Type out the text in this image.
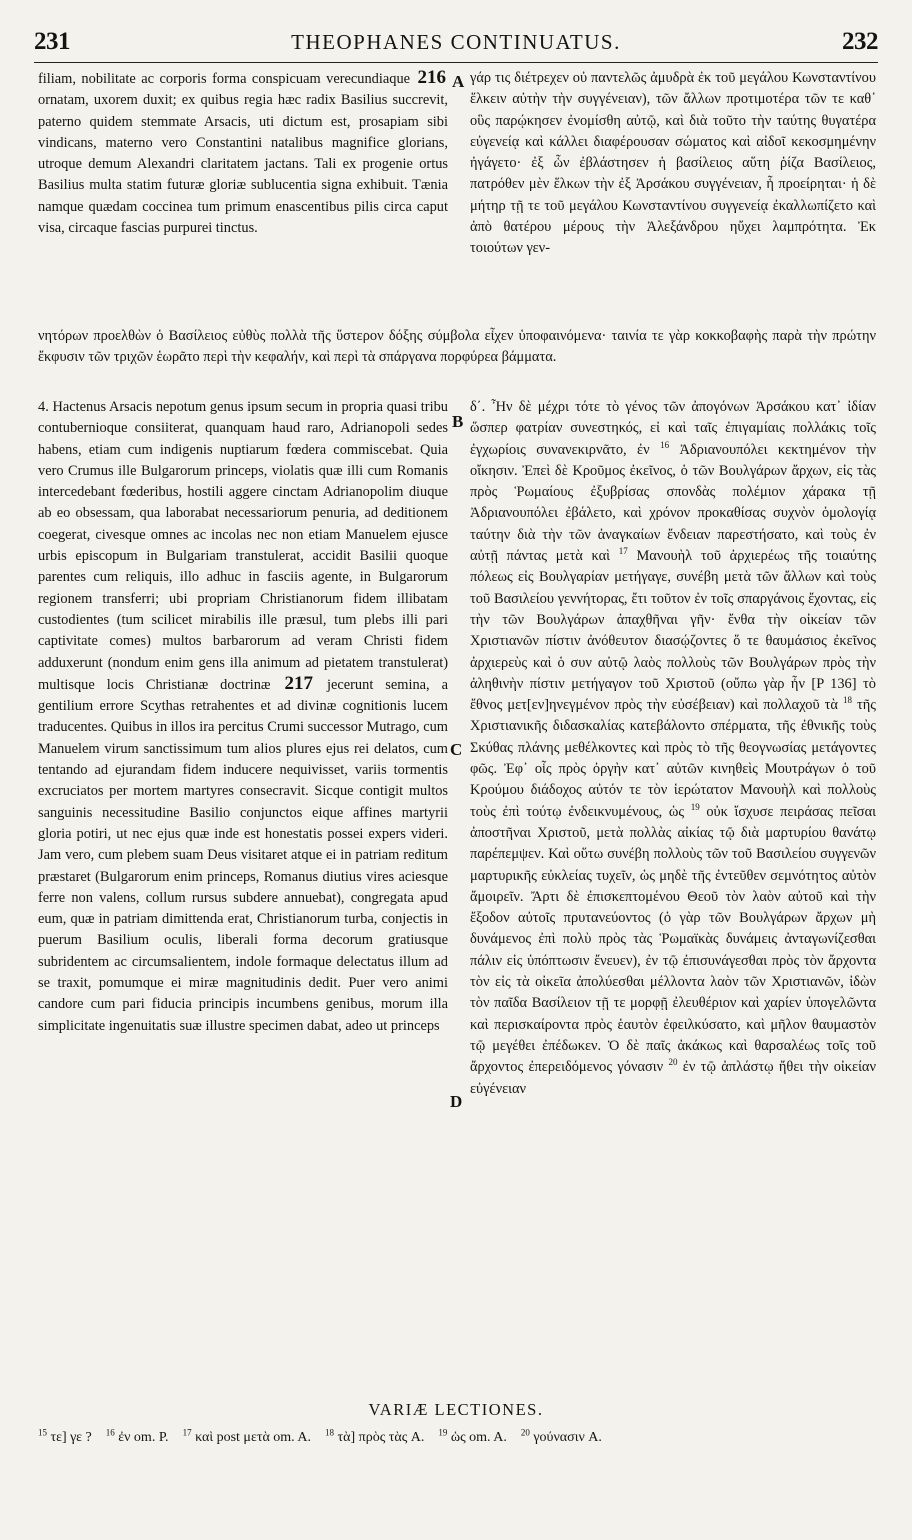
231	THEOPHANES CONTINUATUS.	232
A
B
C
D

filiam, nobilitate ac corporis forma conspicuam verecundiaque 216 ornatam, uxorem duxit; ex quibus regia hæc radix Basilius succrevit, paterno quidem stemmate Arsacis, uti dictum est, prosapiam sibi vindicans, materno vero Constantini natalibus magnifice glorians, utroque demum Alexandri claritatem jactans. Tali ex progenie ortus Basilius multa statim futuræ gloriæ sublucentia signa exhibuit. Tænia namque quædam coccinea tum primum enascentibus pilis circa caput visa, circaque fascias purpurei tinctus.

γάρ τις διέτρεχεν οὐ παντελῶς ἀμυδρὰ ἐκ τοῦ μεγάλου Κωνσταντίνου ἕλκειν αὐτὴν τὴν συγγένειαν), τῶν ἄλλων προτιμοτέρα τῶν τε καθ᾽ οὓς παρῴκησεν ἐνομίσθη αὐτῷ, καὶ διὰ τοῦτο τὴν ταύτης θυγατέρα εὐγενείᾳ καὶ κάλλει διαφέρουσαν σώματος καὶ αἰδοῖ κεκοσμημένην ἠγάγετο· ἐξ ὧν ἐβλάστησεν ἡ βασίλειος αὕτη ῥίζα Βασίλειος, πατρόθεν μὲν ἕλκων τὴν ἐξ Ἀρσάκου συγγένειαν, ἧ προείρηται· ἡ δὲ μήτηρ τῇ τε τοῦ μεγάλου Κωνσταντίνου συγγενείᾳ ἐκαλλωπίζετο καὶ ἀπὸ θατέρου μέρους τὴν Ἀλεξάνδρου ηὔχει λαμπρότητα. Ἐκ τοιούτων γεν-

νητόρων προελθὼν ὁ Βασίλειος εὐθὺς πολλὰ τῆς ὕστερον δόξης σύμβολα εἶχεν ὑποφαινόμενα· ταινία τε γὰρ κοκκοβαφὴς παρὰ τὴν πρώτην ἔκφυσιν τῶν τριχῶν ἑωρᾶτο περὶ τὴν κεφαλήν, καὶ περὶ τὰ σπάργανα πορφύρεα βάμματα.

4. Hactenus Arsacis nepotum genus ipsum secum in propria quasi tribu contuberniοque consiiterat, quanquam haud raro, Adrianopoli sedes habens, etiam cum indigenis nuptiarum fœdera commiscebat. Quia vero Crumus ille Bulgarorum princeps, violatis quæ illi cum Romanis intercedebant fœderibus, hostili aggere cinctam Adrianopolim diuque ab eo obsessam, qua laborabat necessariorum penuria, ad deditionem coegerat, civesque omnes ac incolas nec non etiam Manuelem ejusce urbis episcopum in Bulgariam transtulerat, accidit Basilii quoque parentes cum reliquis, illo adhuc in fasciis agente, in Bulgarorum regionem transferri; ubi propriam Christianorum fidem illibatam custodientes (tum scilicet mirabilis ille præsul, tum plebs illi pari captivitate comes) multos barbarorum ad veram Christi fidem adduxerunt (nondum enim gens illa animum ad pietatem transtulerat) multisque locis Christianæ doctrinæ 217 jecerunt semina, a gentilium errore Scythas retrahentes et ad divinæ cognitionis lucem traducentes. Quibus in illos ira percitus Crumi successor Mutrago, cum Manuelem virum sanctissimum tum alios plures ejus rei delatos, cum tentando ad ejurandam fidem inducere nequivisset, variis tormentis excruciatos per mortem martyres consecravit. Sicque contigit multos sanguinis necessitudine Basilio conjunctos eique affines martyrii gloria potiri, ut nec ejus quæ inde est honestatis possei expers videri. Jam vero, cum plebem suam Deus visitaret atque ei in patriam reditum præstaret (Bulgarorum enim princeps, Romanus diutius vires aciesque ferre non valens, collum rursus subdere annuebat), congregata apud eum, quæ in patriam dimittenda erat, Christianorum turba, conjectis in puerum Basilium oculis, liberali forma decorum gratiusque subridentem ac circumsalientem, indole formaque delectatus illum ad se traxit, pomumque ei miræ magnitudinis dedit. Puer vero animi candore cum pari fiducia principis incumbens genibus, morum illa simplicitate ingenuitatis suæ illustre specimen dabat, adeo ut princeps

δ΄. Ἦν δὲ μέχρι τότε τὸ γένος τῶν ἀπογόνων Ἀρσάκου κατ᾽ ἰδίαν ὥσπερ φατρίαν συνεστηκός, εἰ καὶ ταῖς ἐπιγαμίαις πολλάκις τοῖς ἐγχωρίοις συνανεκιρνᾶτο, ἐν $^{16}$ Ἀδριανουπόλει κεκτημένον τὴν οἴκησιν. Ἐπεὶ δὲ Κροῦμος ἐκεῖνος, ὁ τῶν Βουλγάρων ἄρχων, εἰς τὰς πρὸς Ῥωμαίους ἐξυβρίσας σπονδὰς πολέμιον χάρακα τῇ Ἀδριανουπόλει ἐβάλετο, καὶ χρόνον προκαθίσας συχνὸν ὁμολογίᾳ ταύτην διὰ τὴν τῶν ἀναγκαίων ἔνδειαν παρεστήσατο, καὶ τοὺς ἐν αὐτῇ πάντας μετὰ καὶ $^{17}$ Μανουὴλ τοῦ ἀρχιερέως τῆς τοιαύτης πόλεως εἰς Βουλγαρίαν μετήγαγε, συνέβη μετὰ τῶν ἄλλων καὶ τοὺς τοῦ Βασιλείου γεννήτορας, ἔτι τοῦτον ἐν τοῖς σπαργάνοις ἔχοντας, εἰς τὴν τῶν Βουλγάρων ἀπαχθῆναι γῆν· ἔνθα τὴν οἰκείαν τῶν Χριστιανῶν πίστιν ἀνόθευτον διασῴζοντες ὅ τε θαυμάσιος ἐκεῖνος ἀρχιερεὺς καὶ ὁ συν αὐτῷ λαὸς πολλοὺς τῶν Βουλγάρων πρὸς τὴν ἀληθινὴν πίστιν μετήγαγον τοῦ Χριστοῦ (οὔπω γὰρ ἦν [P 136] τὸ ἔθνος μετ[εν]ηνεγμένον πρὸς τὴν εὐσέβειαν) καὶ πολλαχοῦ τὰ $^{18}$ τῆς Χριστιανικῆς διδασκαλίας κατεβάλοντο σπέρματα, τῆς ἐθνικῆς τοὺς Σκύθας πλάνης μεθέλκοντες καὶ πρὸς τὸ τῆς θεογνωσίας μετάγοντες φῶς. Ἐφ᾽ οἷς πρὸς ὀργὴν κατ᾽ αὐτῶν κινηθεὶς Μουτράγων ὁ τοῦ Κρούμου διάδοχος αὐτόν τε τὸν ἱερώτατον Μανουὴλ καὶ πολλοὺς τοὺς ἐπὶ τούτῳ ἐνδεικνυμένους, ὡς $^{19}$ οὐκ ἴσχυσε πειράσας πεῖσαι ἀποστῆναι Χριστοῦ, μετὰ πολλὰς αἰκίας τῷ διὰ μαρτυρίου θανάτῳ παρέπεμψεν. Καὶ οὕτω συνέβη πολλοὺς τῶν τοῦ Βασιλείου συγγενῶν μαρτυρικῆς εὐκλείας τυχεῖν, ὡς μηδὲ τῆς ἐντεῦθεν σεμνότητος αὐτὸν ἄμοιρεῖν. Ἄρτι δὲ ἐπισκεπτομένου Θεοῦ τὸν λαὸν αὐτοῦ καὶ τὴν ἔξοδον αὐτοῖς πρυτανεύοντος (ὁ γὰρ τῶν Βουλγάρων ἄρχων μὴ δυνάμενος ἐπὶ πολὺ πρὸς τὰς Ῥωμαϊκὰς δυνάμεις ἀνταγωνίζεσθαι πάλιν εἰς ὑπόπτωσιν ἔνευεν), ἐν τῷ ἐπισυνάγεσθαι πρὸς τὸν ἄρχοντα τὸν εἰς τὰ οἰκεῖα ἀπολύεσθαι μέλλοντα λαὸν τῶν Χριστιανῶν, ἰδὼν τὸν παῖδα Βασίλειον τῇ τε μορφῇ ἐλευθέριον καὶ χαρίεν ὑπογελῶντα καὶ περισκαίροντα πρὸς ἑαυτὸν ἐφειλκύσατο, καὶ μῆλον θαυμαστὸν τῷ μεγέθει ἐπέδωκεν. Ὁ δὲ παῖς ἀκάκως καὶ θαρσαλέως τοῖς τοῦ ἄρχοντος ἐπερειδόμενος γόνασιν $^{20}$ ἐν τῷ ἀπλάστῳ ἤθει τὴν οἰκείαν εὐγένειαν

VARIÆ LECTIONES.
$^{15}$ τε] γε ? $^{16}$ ἐν om. P. $^{17}$ καὶ post μετὰ om. A. $^{18}$ τὰ] πρὸς τὰς A. $^{19}$ ὡς om. A. $^{20}$ γούνασιν A.
